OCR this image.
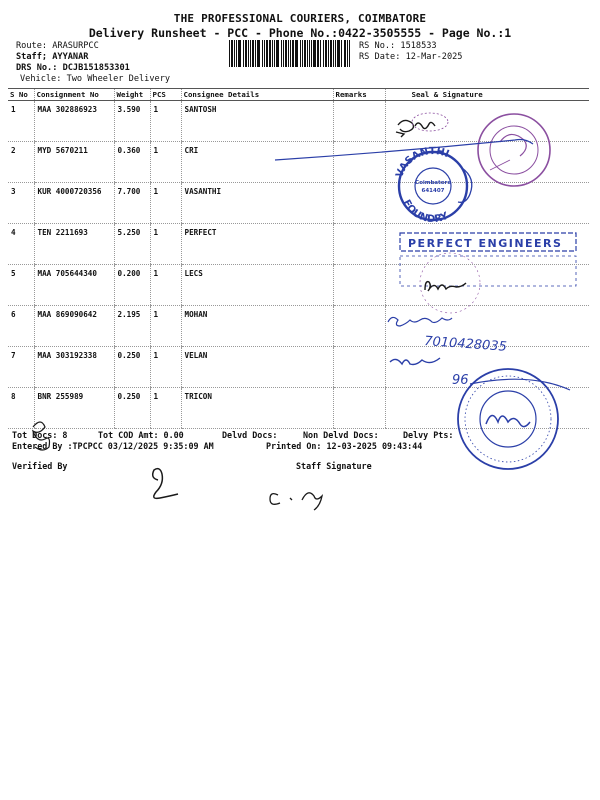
THE PROFESSIONAL COURIERS, COIMBATORE
Delivery Runsheet - PCC - Phone No.:0422-3505555 - Page No.:1
Route: ARASURPCC
Staff; AYYANAR
DRS No.: DCJB151853301
Vehicle: Two Wheeler Delivery
RS No.: 1518533
RS Date: 12-Mar-2025
S No	Consignment No	Weight	PCS	Consignee Details	Remarks	Seal & Signature
1	MAA 302886923	3.590	1	SANTOSH		
2	MYD 5670211	0.360	1	CRI		
3	KUR 4000720356	7.700	1	VASANTHI		
4	TEN 2211693	5.250	1	PERFECT		
5	MAA 705644340	0.200	1	LECS		
6	MAA 869090642	2.195	1	MOHAN		
7	MAA 303192338	0.250	1	VELAN		
8	BNR 255989	0.250	1	TRICON		
Tot Docs: 8	Tot COD Amt: 0.00	Delvd Docs:	Non Delvd Docs:	Delvy Pts:
Entered By :TPCPCC 03/12/2025 9:35:09 AM	Printed On: 12-03-2025 09:43:44
Verified By	Staff Signature
VASANTHI
FOUNDRY
Coimbatore
641407
PERFECT ENGINEERS
7010428035
96
